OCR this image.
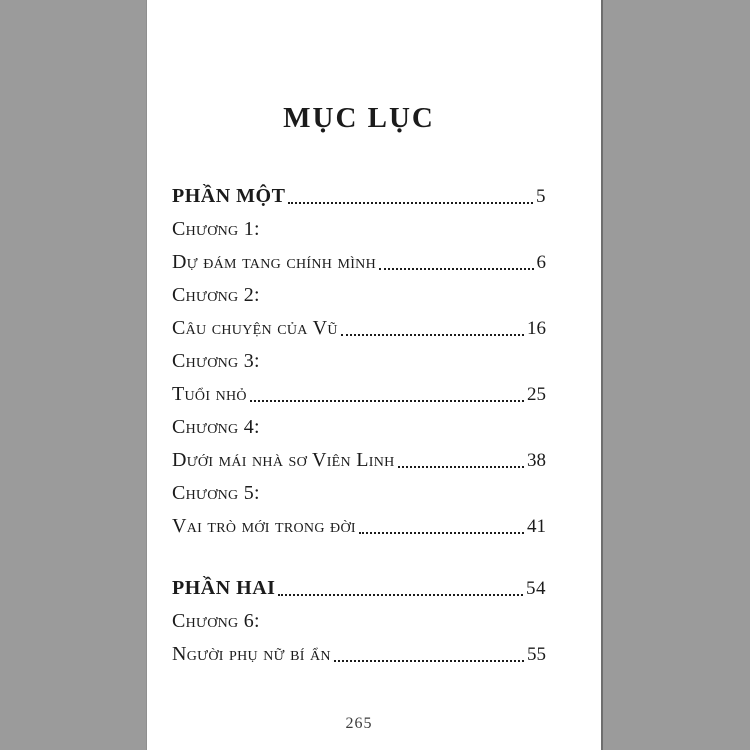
MỤC LỤC
PHẦN MỘT	5
Chương 1:
Dự đám tang chính mình	6
Chương 2:
Câu chuyện của Vũ	16
Chương 3:
Tuổi nhỏ	25
Chương 4:
Dưới mái nhà sơ Viên Linh	38
Chương 5:
Vai trò mới trong đời	41
PHẦN HAI	54
Chương 6:
Người phụ nữ bí ẩn	55
265
